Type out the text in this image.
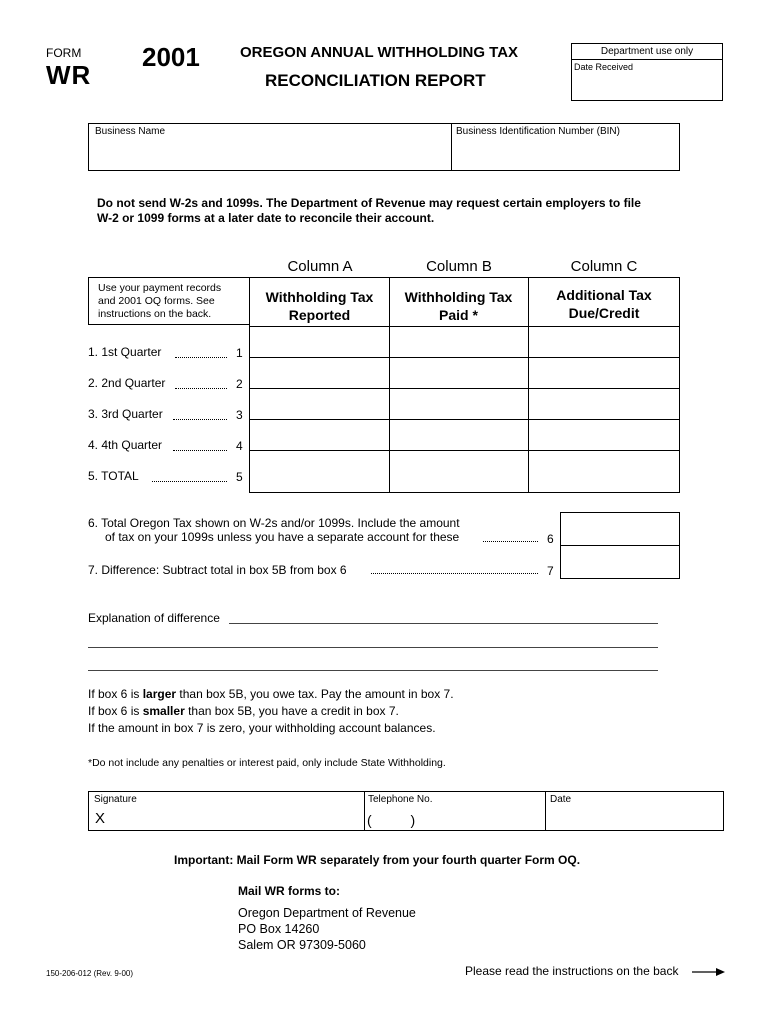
FORM
WR
2001	OREGON ANNUAL WITHHOLDING TAX
RECONCILIATION REPORT
Department use only
Date Received
Business Name	Business Identification Number (BIN)
Do not send W-2s and 1099s. The Department of Revenue may request certain employers to file
W-2 or 1099 forms at a later date to reconcile their account.
Column A	Column B	Column C
Use your payment records
and 2001 OQ forms. See
instructions on the back.
Withholding Tax
Reported
Withholding Tax
Paid *
Additional Tax
Due/Credit
1. 1st Quarter	1
2. 2nd Quarter	2
3. 3rd Quarter	3
4. 4th Quarter	4
5. TOTAL	5
6. Total Oregon Tax shown on W-2s and/or 1099s. Include the amount
of tax on your 1099s unless you have a separate account for these	6
7. Difference: Subtract total in box 5B from box 6	7
Explanation of difference
If box 6 is larger than box 5B, you owe tax. Pay the amount in box 7.
If box 6 is smaller than box 5B, you have a credit in box 7.
If the amount in box 7 is zero, your withholding account balances.
*Do not include any penalties or interest paid, only include State Withholding.
Signature
X
Telephone No.
(          )
Date
Important: Mail Form WR separately from your fourth quarter Form OQ.
Mail WR forms to:
Oregon Department of Revenue
PO Box 14260
Salem OR 97309-5060
150-206-012 (Rev. 9-00)	Please read the instructions on the back
